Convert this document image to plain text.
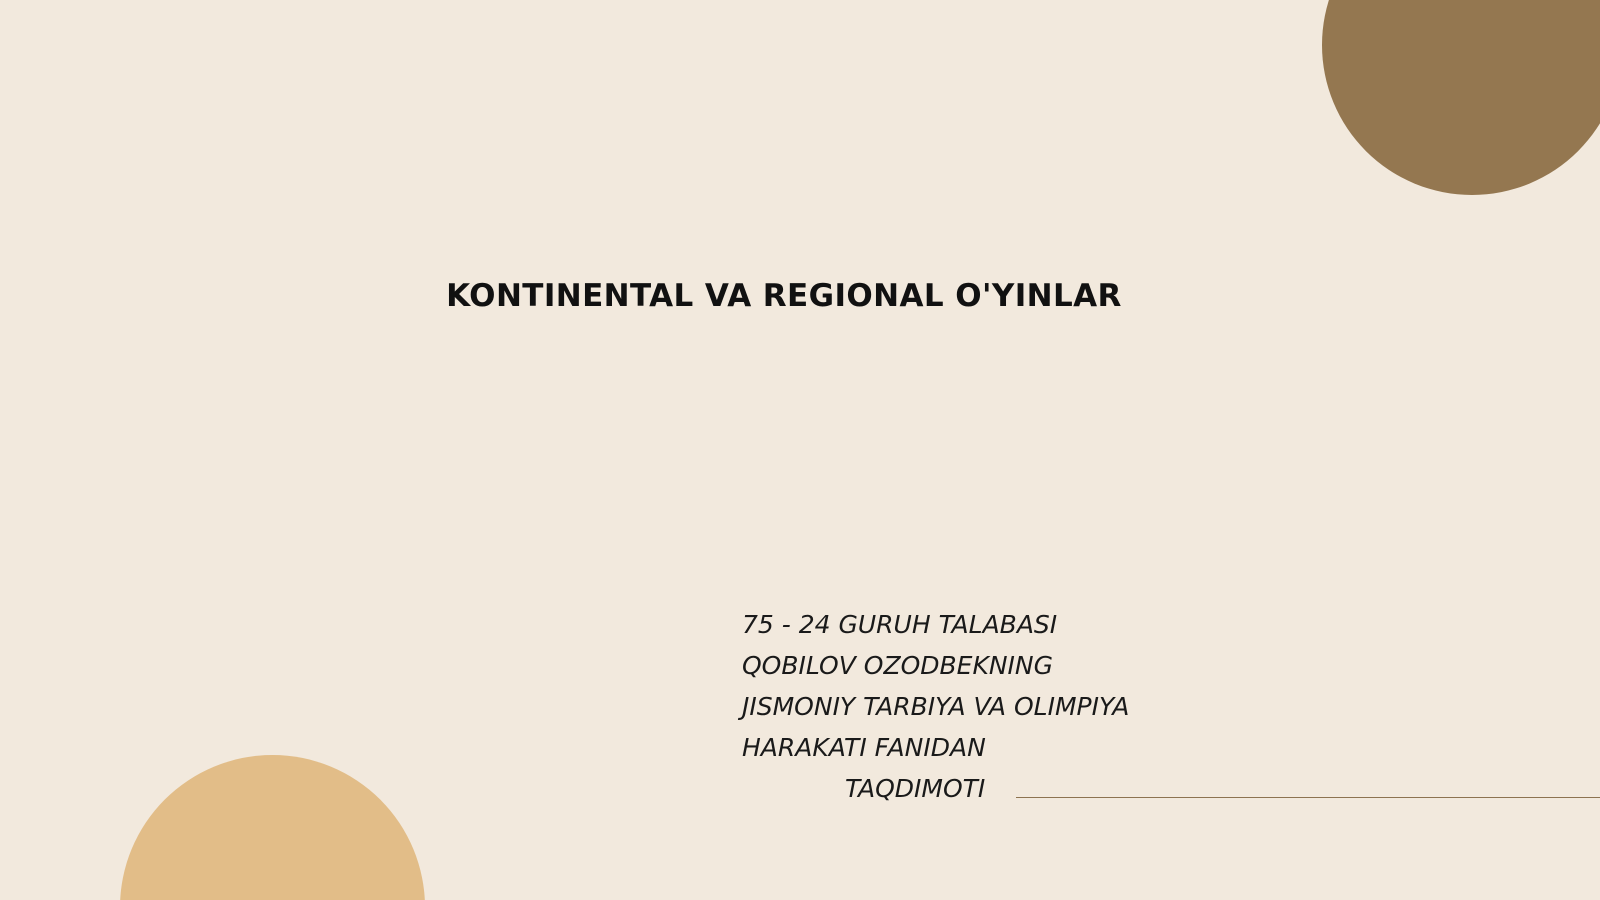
KONTINENTAL VA REGIONAL O'YINLAR
75 - 24 GURUH TALABASI
QOBILOV OZODBEKNING
JISMONIY TARBIYA VA OLIMPIYA
HARAKATI FANIDAN
TAQDIMOTI
